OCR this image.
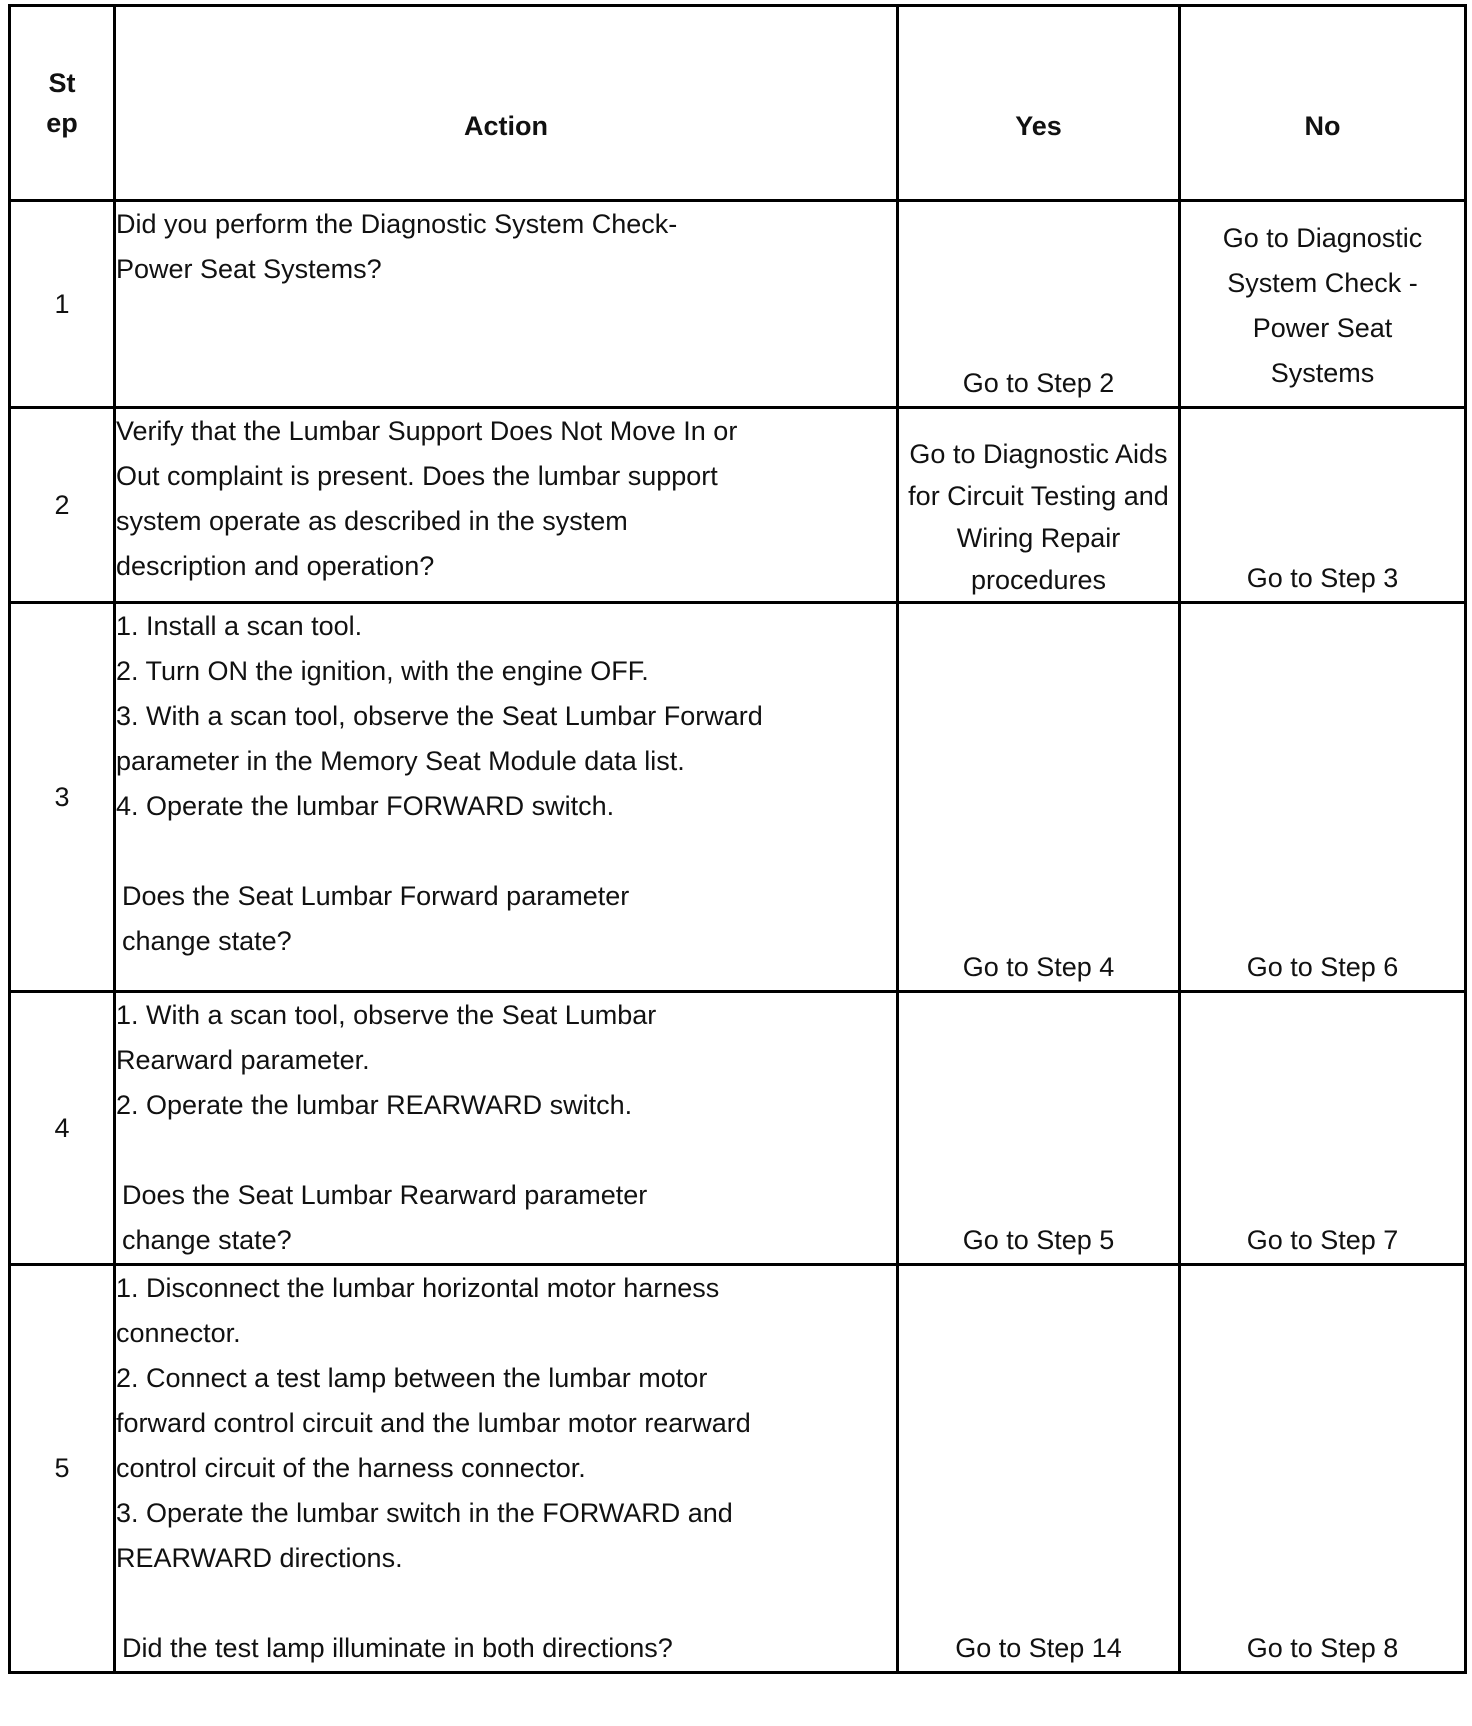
St
ep	Action	Yes	No
1	Did you perform the Diagnostic System Check-Power Seat Systems?	Go to Step 2	Go to Diagnostic System Check - Power Seat Systems
2	Verify that the Lumbar Support Does Not Move In or Out complaint is present. Does the lumbar support system operate as described in the system description and operation?	Go to Diagnostic Aids for Circuit Testing and Wiring Repair procedures	Go to Step 3
3	1. Install a scan tool.
2. Turn ON the ignition, with the engine OFF.
3. With a scan tool, observe the Seat Lumbar Forward parameter in the Memory Seat Module data list.
4. Operate the lumbar FORWARD switch.
Does the Seat Lumbar Forward parameter change state?	Go to Step 4	Go to Step 6
4	1. With a scan tool, observe the Seat Lumbar Rearward parameter.
2. Operate the lumbar REARWARD switch.
Does the Seat Lumbar Rearward parameter change state?	Go to Step 5	Go to Step 7
5	1. Disconnect the lumbar horizontal motor harness connector.
2. Connect a test lamp between the lumbar motor forward control circuit and the lumbar motor rearward control circuit of the harness connector.
3. Operate the lumbar switch in the FORWARD and REARWARD directions.
Did the test lamp illuminate in both directions?	Go to Step 14	Go to Step 8
